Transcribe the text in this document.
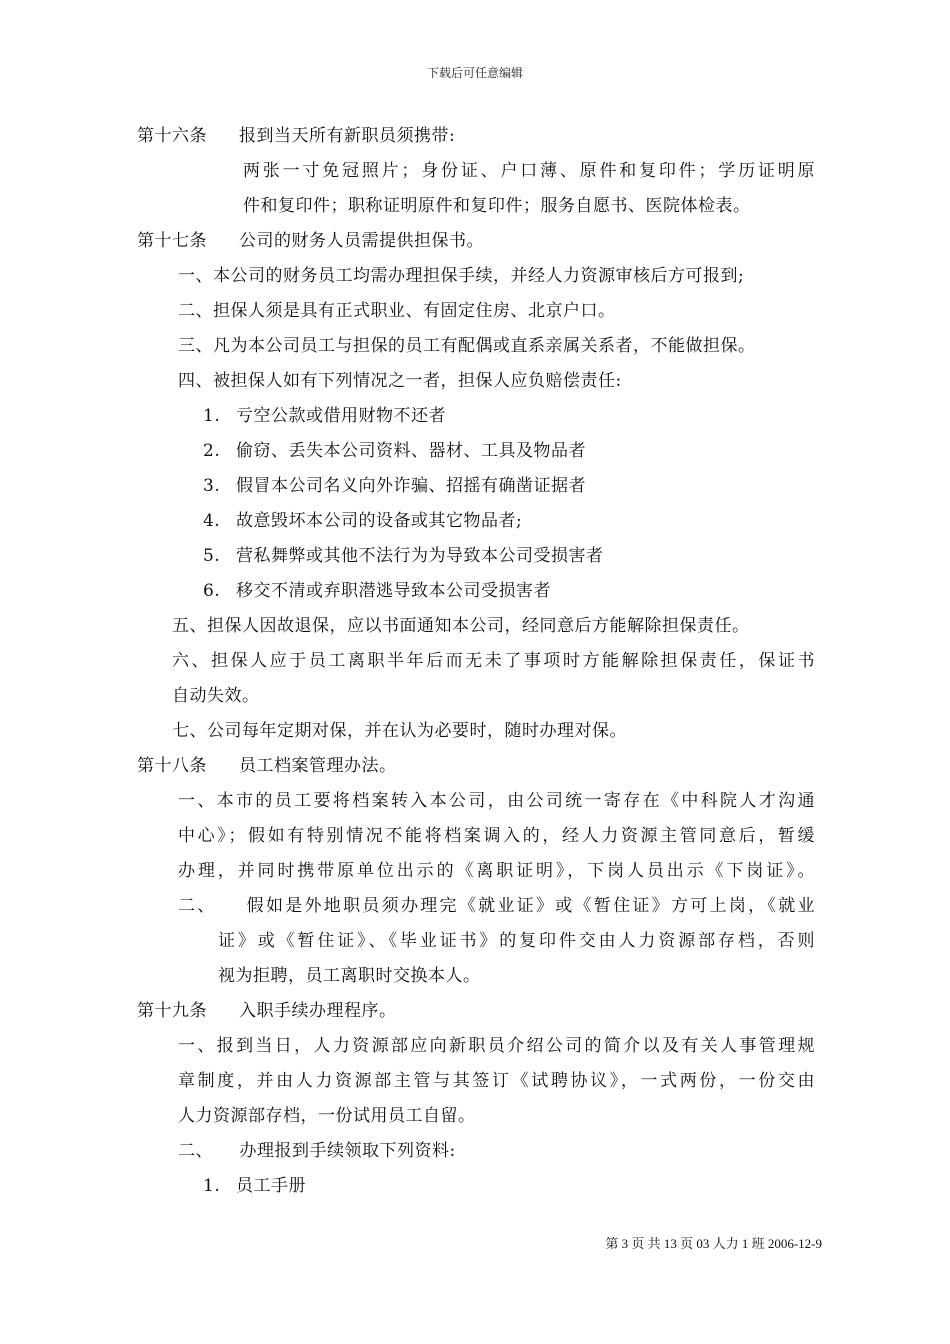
下载后可任意编辑
第十六条 报到当天所有新职员须携带:
两张一寸免冠照片；身份证、户口薄、原件和复印件；学历证明原
件和复印件；职称证明原件和复印件；服务自愿书、医院体检表。
第十七条 公司的财务人员需提供担保书。
一、本公司的财务员工均需办理担保手续，并经人力资源审核后方可报到;
二、担保人须是具有正式职业、有固定住房、北京户口。
三、凡为本公司员工与担保的员工有配偶或直系亲属关系者，不能做担保。
四、被担保人如有下列情况之一者，担保人应负赔偿责任:
1. 亏空公款或借用财物不还者
2. 偷窃、丢失本公司资料、器材、工具及物品者
3. 假冒本公司名义向外诈骗、招摇有确凿证据者
4. 故意毁坏本公司的设备或其它物品者;
5. 营私舞弊或其他不法行为为导致本公司受损害者
6. 移交不清或弃职潜逃导致本公司受损害者
五、担保人因故退保，应以书面通知本公司，经同意后方能解除担保责任。
六、担保人应于员工离职半年后而无未了事项时方能解除担保责任，保证书
自动失效。
七、公司每年定期对保，并在认为必要时，随时办理对保。
第十八条 员工档案管理办法。
一、本市的员工要将档案转入本公司，由公司统一寄存在《中科院人才沟通
中心》；假如有特别情况不能将档案调入的，经人力资源主管同意后，暂缓
办理，并同时携带原单位出示的《离职证明》，下岗人员出示《下岗证》。
二、　　假如是外地职员须办理完《就业证》或《暂住证》方可上岗，《就业
证》或《暂住证》、《毕业证书》的复印件交由人力资源部存档，否则
视为拒聘，员工离职时交换本人。
第十九条 入职手续办理程序。
一、报到当日，人力资源部应向新职员介绍公司的简介以及有关人事管理规
章制度，并由人力资源部主管与其签订《试聘协议》，一式两份，一份交由
人力资源部存档，一份试用员工自留。
二、　　办理报到手续领取下列资料:
1. 员工手册
第 3 页 共 13 页 03 人力 1 班 2006-12-9
